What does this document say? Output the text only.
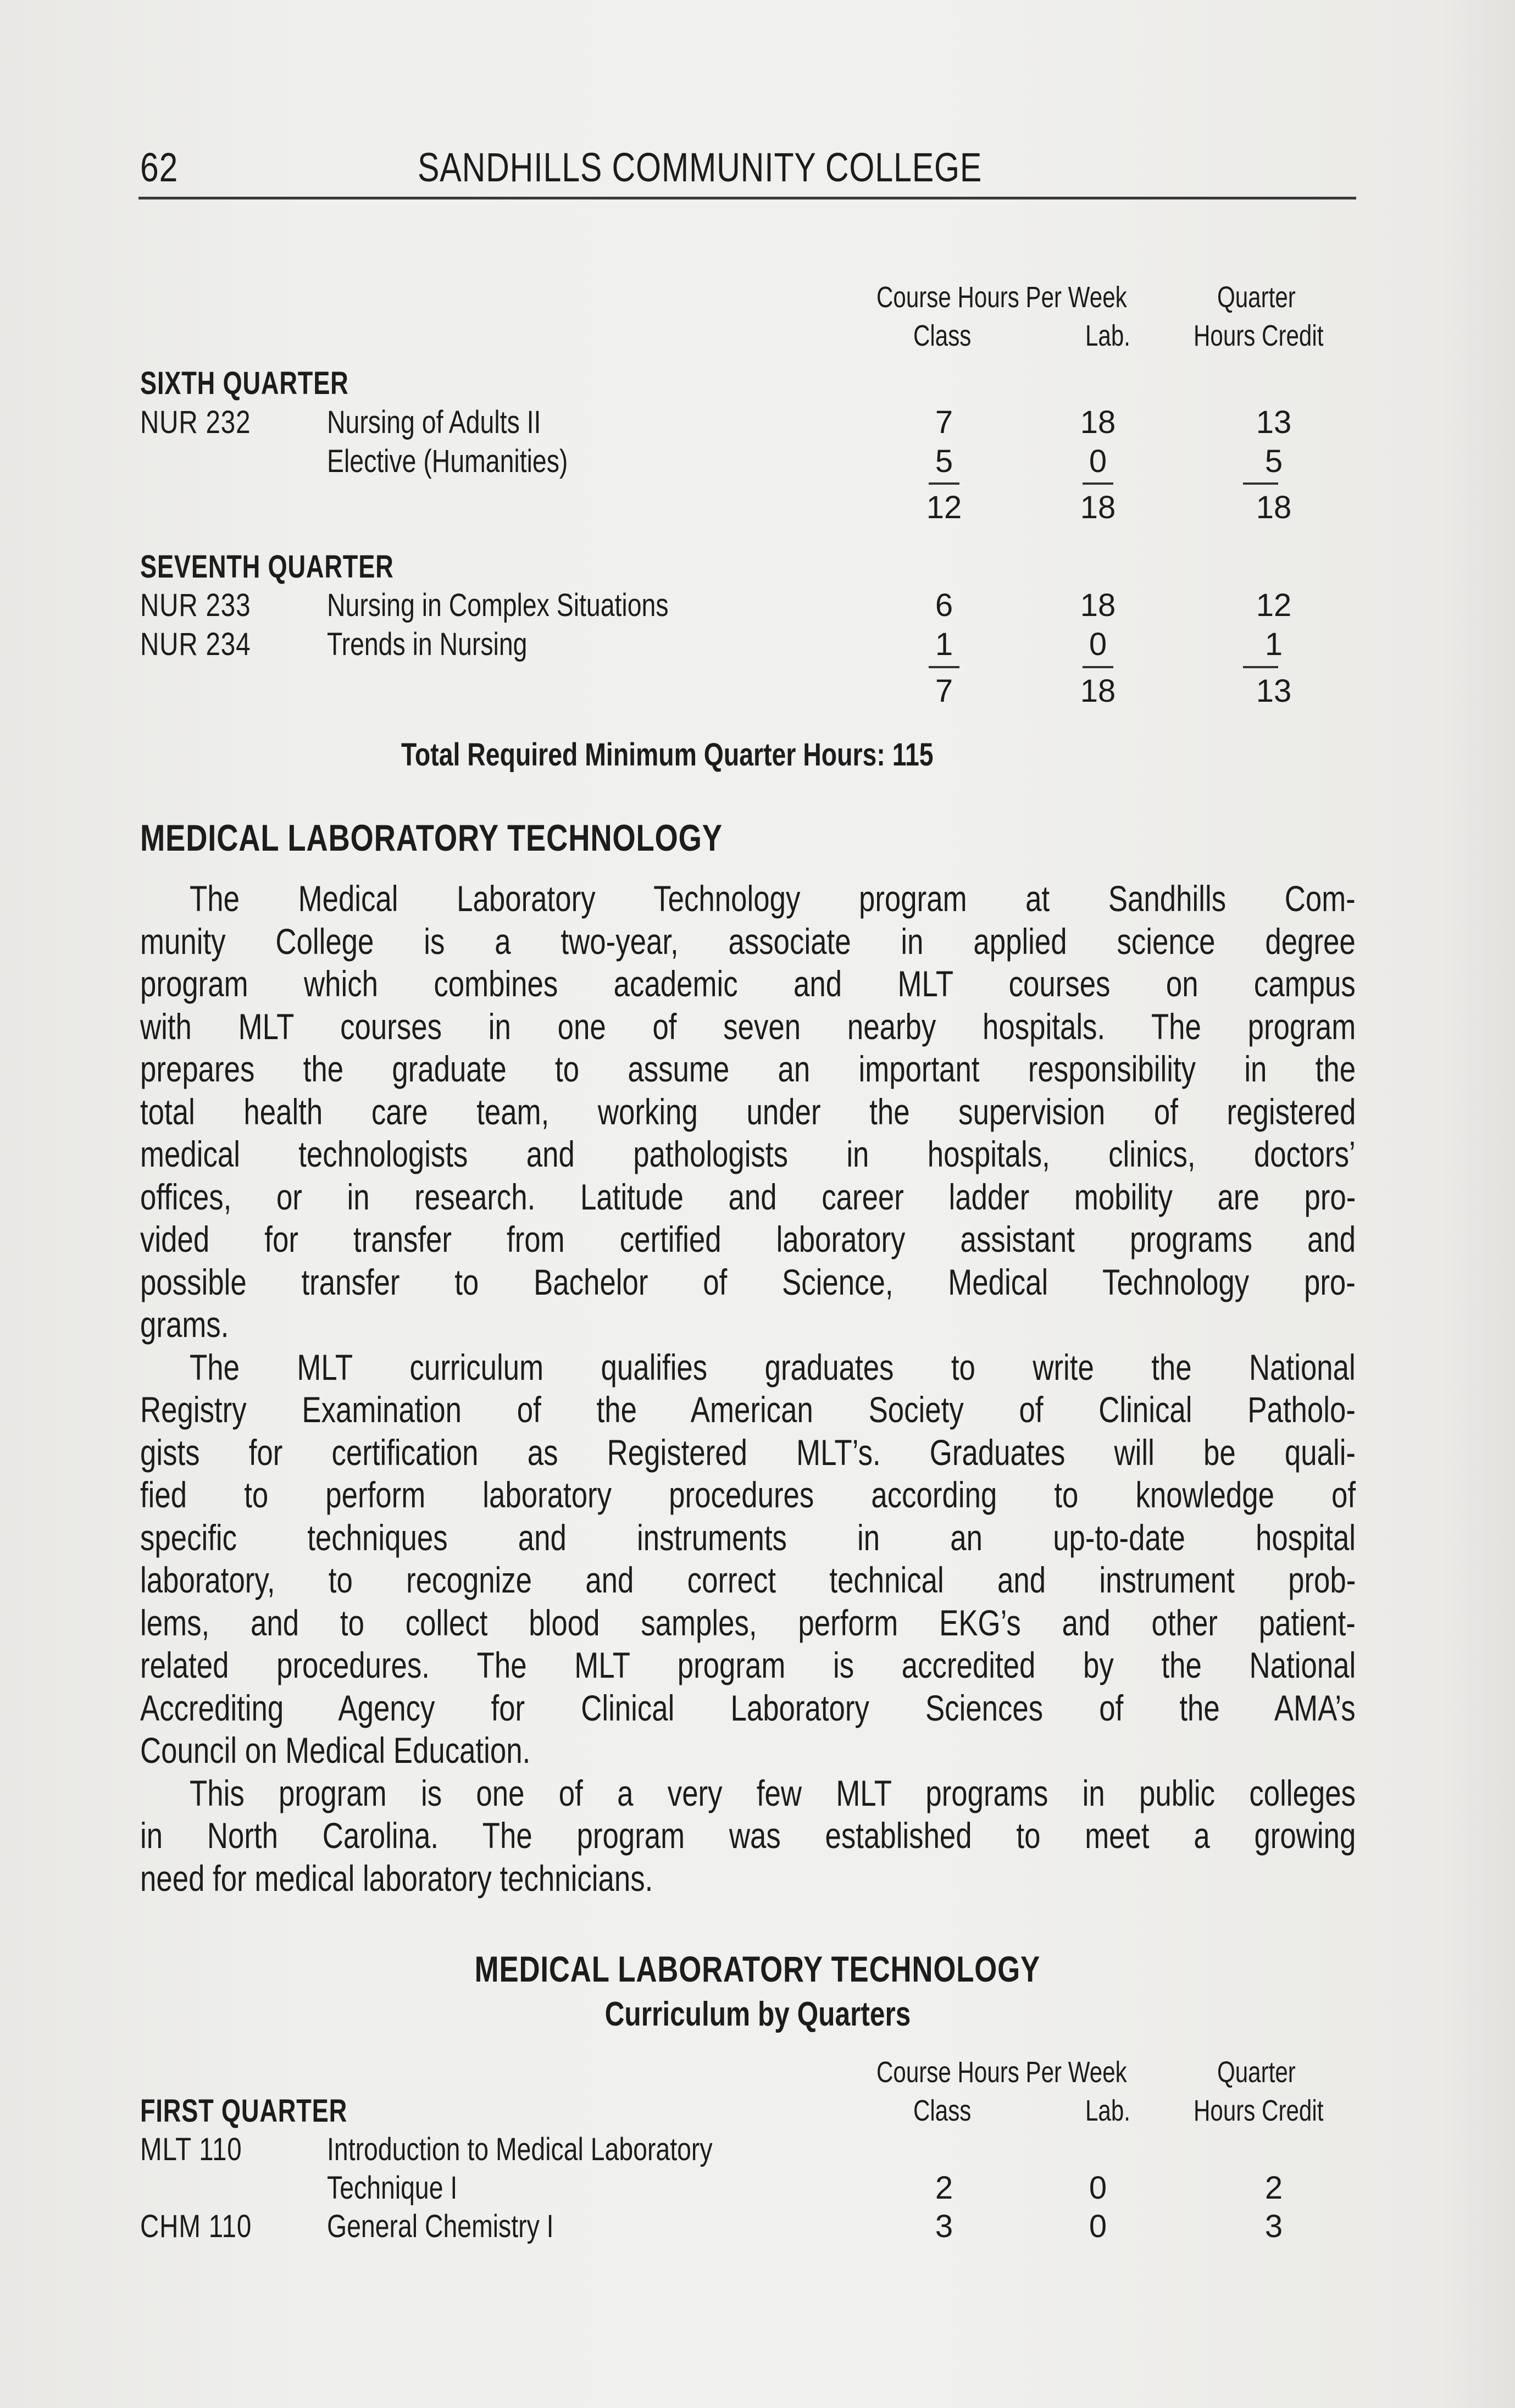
62	SANDHILLS COMMUNITY COLLEGE
Course Hours Per Week	Quarter
Class	Lab.	Hours Credit
SIXTH QUARTER
NUR 232	Nursing of Adults II	7	18	13
Elective (Humanities)	5	0	5
12	18	18
SEVENTH QUARTER
NUR 233	Nursing in Complex Situations	6	18	12
NUR 234	Trends in Nursing	1	0	1
7	18	13
Total Required Minimum Quarter Hours: 115
MEDICAL LABORATORY TECHNOLOGY
The Medical Laboratory Technology program at Sandhills Com-
munity College is a two-year, associate in applied science degree
program which combines academic and MLT courses on campus
with MLT courses in one of seven nearby hospitals. The program
prepares the graduate to assume an important responsibility in the
total health care team, working under the supervision of registered
medical technologists and pathologists in hospitals, clinics, doctors’
offices, or in research. Latitude and career ladder mobility are pro-
vided for transfer from certified laboratory assistant programs and
possible transfer to Bachelor of Science, Medical Technology pro-
grams.
The MLT curriculum qualifies graduates to write the National
Registry Examination of the American Society of Clinical Patholo-
gists for certification as Registered MLT’s. Graduates will be quali-
fied to perform laboratory procedures according to knowledge of
specific techniques and instruments in an up-to-date hospital
laboratory, to recognize and correct technical and instrument prob-
lems, and to collect blood samples, perform EKG’s and other patient-
related procedures. The MLT program is accredited by the National
Accrediting Agency for Clinical Laboratory Sciences of the AMA’s
Council on Medical Education.
This program is one of a very few MLT programs in public colleges
in North Carolina. The program was established to meet a growing
need for medical laboratory technicians.
MEDICAL LABORATORY TECHNOLOGY
Curriculum by Quarters
Course Hours Per Week	Quarter
Class	Lab.	Hours Credit
FIRST QUARTER
MLT 110	Introduction to Medical Laboratory
Technique I	2	0	2
CHM 110	General Chemistry I	3	0	3
